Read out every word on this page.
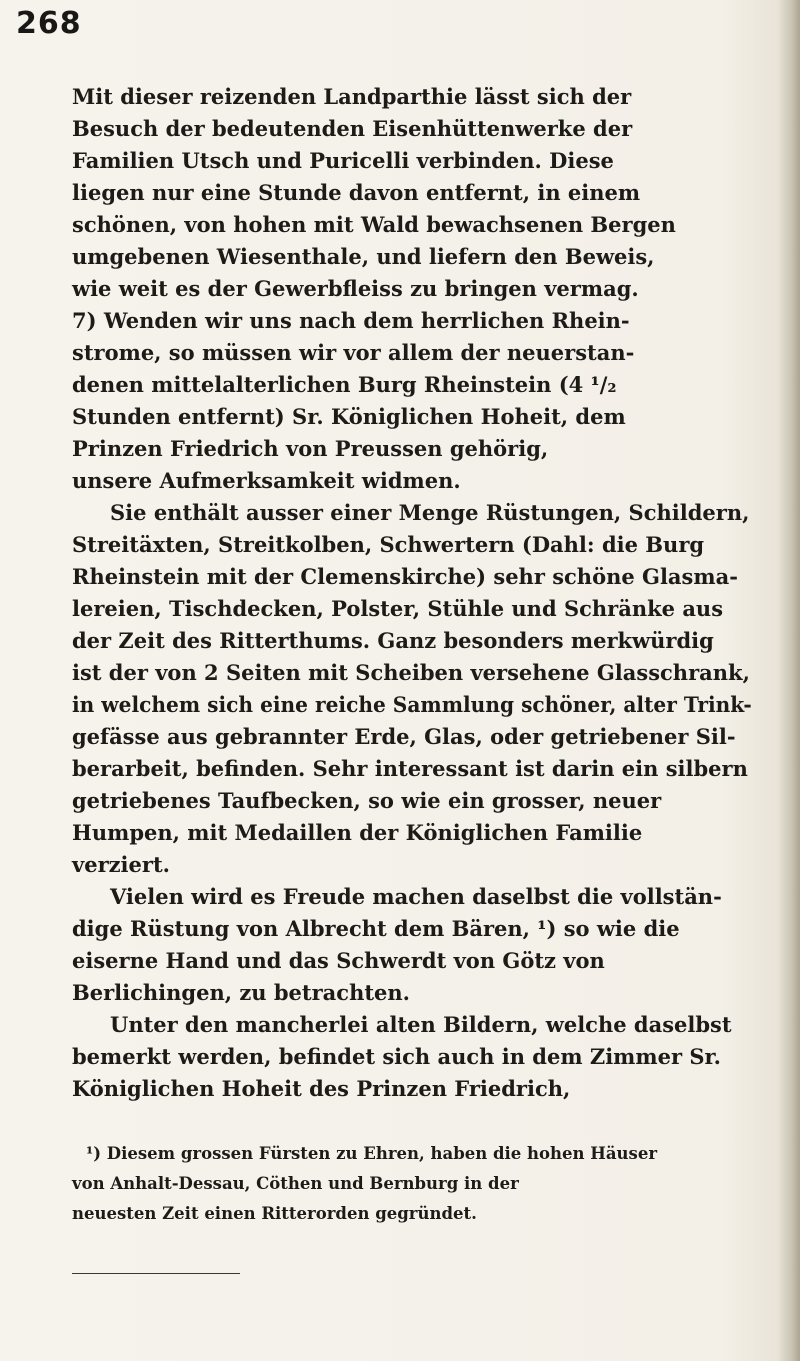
268
Mit dieser reizenden Landparthie lässt sich der
Besuch der bedeutenden Eisenhüttenwerke der
Familien Utsch und Puricelli verbinden. Diese
liegen nur eine Stunde davon entfernt, in einem
schönen, von hohen mit Wald bewachsenen Bergen
umgebenen Wiesenthale, und liefern den Beweis,
wie weit es der Gewerbfleiss zu bringen vermag.
7) Wenden wir uns nach dem herrlichen Rhein-
strome, so müssen wir vor allem der neuerstan-
denen mittelalterlichen Burg Rheinstein (4 ¹/₂
Stunden entfernt) Sr. Königlichen Hoheit, dem
Prinzen Friedrich von Preussen gehörig,
unsere Aufmerksamkeit widmen.
Sie enthält ausser einer Menge Rüstungen, Schildern,
Streitäxten, Streitkolben, Schwertern (Dahl: die Burg
Rheinstein mit der Clemenskirche) sehr schöne Glasma-
lereien, Tischdecken, Polster, Stühle und Schränke aus
der Zeit des Ritterthums. Ganz besonders merkwürdig
ist der von 2 Seiten mit Scheiben versehene Glasschrank,
in welchem sich eine reiche Sammlung schöner, alter Trink-
gefässe aus gebrannter Erde, Glas, oder getriebener Sil-
berarbeit, befinden. Sehr interessant ist darin ein silbern
getriebenes Taufbecken, so wie ein grosser, neuer
Humpen, mit Medaillen der Königlichen Familie
verziert.
Vielen wird es Freude machen daselbst die vollstän-
dige Rüstung von Albrecht dem Bären, ¹) so wie die
eiserne Hand und das Schwerdt von Götz von
Berlichingen, zu betrachten.
Unter den mancherlei alten Bildern, welche daselbst
bemerkt werden, befindet sich auch in dem Zimmer Sr.
Königlichen Hoheit des Prinzen Friedrich,
¹) Diesem grossen Fürsten zu Ehren, haben die hohen Häuser
von Anhalt-Dessau, Cöthen und Bernburg in der
neuesten Zeit einen Ritterorden gegründet.
